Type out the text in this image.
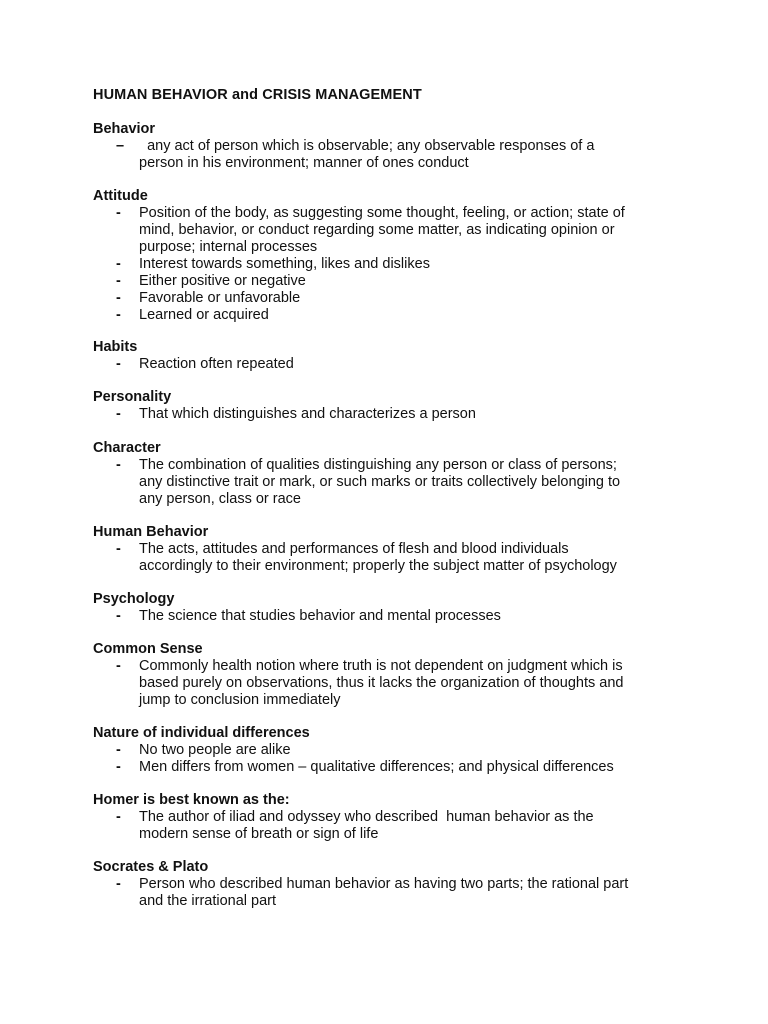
HUMAN BEHAVIOR and CRISIS MANAGEMENT
Behavior
– any act of person which is observable; any observable responses of a person in his environment; manner of ones conduct
Attitude
- Position of the body, as suggesting some thought, feeling, or action; state of mind, behavior, or conduct regarding some matter, as indicating opinion or purpose; internal processes
- Interest towards something, likes and dislikes
- Either positive or negative
- Favorable or unfavorable
- Learned or acquired
Habits
- Reaction often repeated
Personality
- That which distinguishes and characterizes a person
Character
- The combination of qualities distinguishing any person or class of persons; any distinctive trait or mark, or such marks or traits collectively belonging to any person, class or race
Human Behavior
- The acts, attitudes and performances of flesh and blood individuals accordingly to their environment; properly the subject matter of psychology
Psychology
- The science that studies behavior and mental processes
Common Sense
- Commonly health notion where truth is not dependent on judgment which is based purely on observations, thus it lacks the organization of thoughts and jump to conclusion immediately
Nature of individual differences
- No two people are alike
- Men differs from women – qualitative differences; and physical differences
Homer is best known as the:
- The author of iliad and odyssey who described  human behavior as the modern sense of breath or sign of life
Socrates & Plato
- Person who described human behavior as having two parts; the rational part and the irrational part
